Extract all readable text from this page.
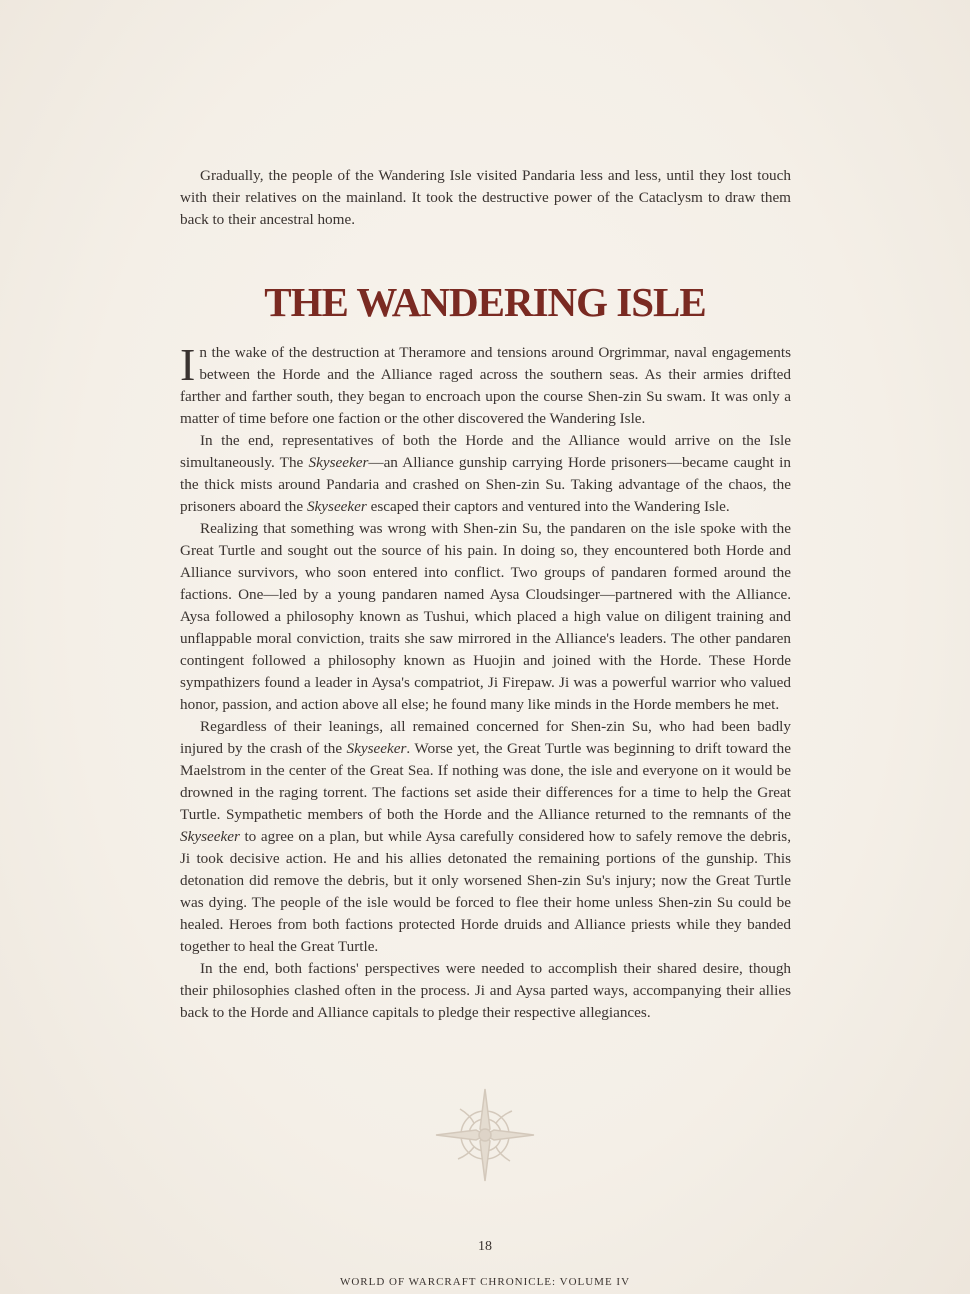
Gradually, the people of the Wandering Isle visited Pandaria less and less, until they lost touch with their relatives on the mainland. It took the destructive power of the Cataclysm to draw them back to their ancestral home.

THE WANDERING ISLE

In the wake of the destruction at Theramore and tensions around Orgrimmar, naval engagements between the Horde and the Alliance raged across the southern seas. As their armies drifted farther and farther south, they began to encroach upon the course Shen-zin Su swam. It was only a matter of time before one faction or the other discovered the Wandering Isle.

In the end, representatives of both the Horde and the Alliance would arrive on the Isle simultaneously. The Skyseeker—an Alliance gunship carrying Horde prisoners—became caught in the thick mists around Pandaria and crashed on Shen-zin Su. Taking advantage of the chaos, the prisoners aboard the Skyseeker escaped their captors and ventured into the Wandering Isle.

Realizing that something was wrong with Shen-zin Su, the pandaren on the isle spoke with the Great Turtle and sought out the source of his pain. In doing so, they encountered both Horde and Alliance survivors, who soon entered into conflict. Two groups of pandaren formed around the factions. One—led by a young pandaren named Aysa Cloudsinger—partnered with the Alliance. Aysa followed a philosophy known as Tushui, which placed a high value on diligent training and unflappable moral conviction, traits she saw mirrored in the Alliance's leaders. The other pandaren contingent followed a philosophy known as Huojin and joined with the Horde. These Horde sympathizers found a leader in Aysa's compatriot, Ji Firepaw. Ji was a powerful warrior who valued honor, passion, and action above all else; he found many like minds in the Horde members he met.

Regardless of their leanings, all remained concerned for Shen-zin Su, who had been badly injured by the crash of the Skyseeker. Worse yet, the Great Turtle was beginning to drift toward the Maelstrom in the center of the Great Sea. If nothing was done, the isle and everyone on it would be drowned in the raging torrent. The factions set aside their differences for a time to help the Great Turtle. Sympathetic members of both the Horde and the Alliance returned to the remnants of the Skyseeker to agree on a plan, but while Aysa carefully considered how to safely remove the debris, Ji took decisive action. He and his allies detonated the remaining portions of the gunship. This detonation did remove the debris, but it only worsened Shen-zin Su's injury; now the Great Turtle was dying. The people of the isle would be forced to flee their home unless Shen-zin Su could be healed. Heroes from both factions protected Horde druids and Alliance priests while they banded together to heal the Great Turtle.

In the end, both factions' perspectives were needed to accomplish their shared desire, though their philosophies clashed often in the process. Ji and Aysa parted ways, accompanying their allies back to the Horde and Alliance capitals to pledge their respective allegiances.

18
WORLD OF WARCRAFT CHRONICLE: VOLUME IV
